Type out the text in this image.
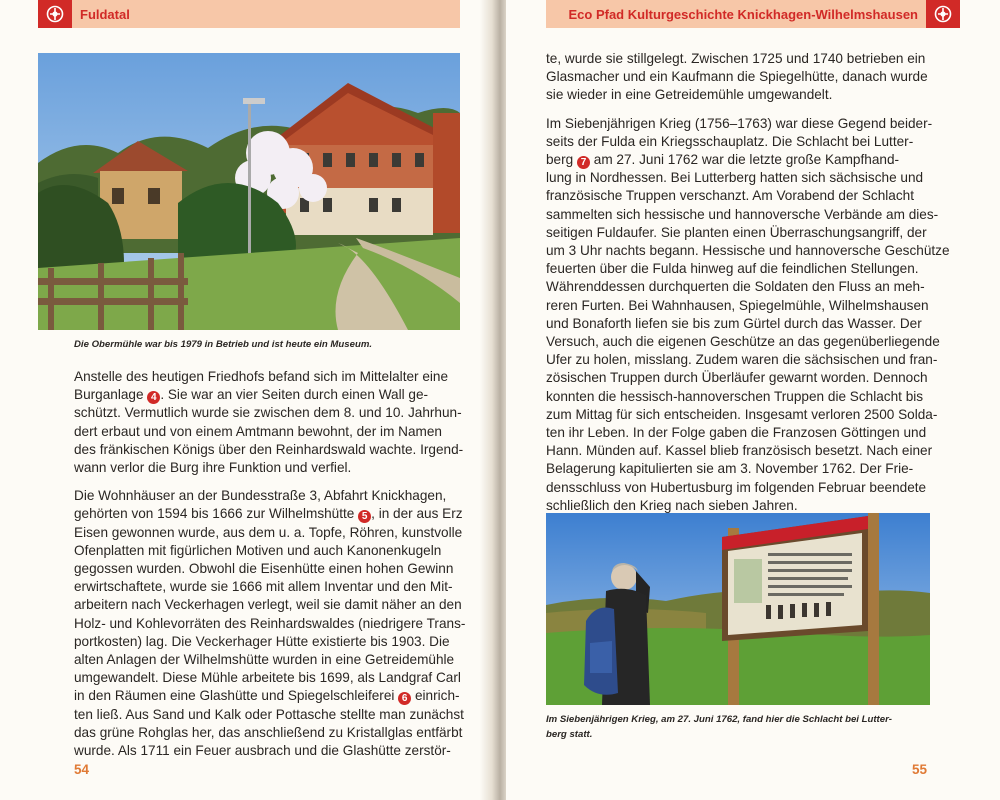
Fuldatal
Die Obermühle war bis 1979 in Betrieb und ist heute ein Museum.

Anstelle des heutigen Friedhofs befand sich im Mittelalter eine
Burganlage 4 . Sie war an vier Seiten durch einen Wall ge-
schützt. Vermutlich wurde sie zwischen dem 8. und 10. Jahrhun-
dert erbaut und von einem Amtmann bewohnt, der im Namen
des fränkischen Königs über den Reinhardswald wachte. Irgend-
wann verlor die Burg ihre Funktion und verfiel.

Die Wohnhäuser an der Bundesstraße 3, Abfahrt Knickhagen,
gehörten von 1594 bis 1666 zur Wilhelmshütte 5 , in der aus Erz
Eisen gewonnen wurde, aus dem u. a. Topfe, Röhren, kunstvolle
Ofenplatten mit figürlichen Motiven und auch Kanonenkugeln
gegossen wurden. Obwohl die Eisenhütte einen hohen Gewinn
erwirtschaftete, wurde sie 1666 mit allem Inventar und den Mit-
arbeitern nach Veckerhagen verlegt, weil sie damit näher an den
Holz- und Kohlevorräten des Reinhardswaldes (niedrigere Trans-
portkosten) lag. Die Veckerhager Hütte existierte bis 1903. Die
alten Anlagen der Wilhelmshütte wurden in eine Getreidemühle
umgewandelt. Diese Mühle arbeitete bis 1699, als Landgraf Carl
in den Räumen eine Glashütte und Spiegelschleiferei 6 einrich-
ten ließ. Aus Sand und Kalk oder Pottasche stellte man zunächst
das grüne Rohglas her, das anschließend zu Kristallglas entfärbt
wurde. Als 1711 ein Feuer ausbrach und die Glashütte zerstör-

54
Eco Pfad Kulturgeschichte Knickhagen-Wilhelmshausen

te, wurde sie stillgelegt. Zwischen 1725 und 1740 betrieben ein
Glasmacher und ein Kaufmann die Spiegelhütte, danach wurde
sie wieder in eine Getreidemühle umgewandelt.

Im Siebenjährigen Krieg (1756–1763) war diese Gegend beider-
seits der Fulda ein Kriegsschauplatz. Die Schlacht bei Lutter-
berg 7 am 27. Juni 1762 war die letzte große Kampfhand-
lung in Nordhessen. Bei Lutterberg hatten sich sächsische und
französische Truppen verschanzt. Am Vorabend der Schlacht
sammelten sich hessische und hannoversche Verbände am dies-
seitigen Fuldaufer. Sie planten einen Überraschungsangriff, der
um 3 Uhr nachts begann. Hessische und hannoversche Geschütze
feuerten über die Fulda hinweg auf die feindlichen Stellungen.
Währenddessen durchquerten die Soldaten den Fluss an meh-
reren Furten. Bei Wahnhausen, Spiegelmühle, Wilhelmshausen
und Bonaforth liefen sie bis zum Gürtel durch das Wasser. Der
Versuch, auch die eigenen Geschütze an das gegenüberliegende
Ufer zu holen, misslang. Zudem waren die sächsischen und fran-
zösischen Truppen durch Überläufer gewarnt worden. Dennoch
konnten die hessisch-hannoverschen Truppen die Schlacht bis
zum Mittag für sich entscheiden. Insgesamt verloren 2500 Solda-
ten ihr Leben. In der Folge gaben die Franzosen Göttingen und
Hann. Münden auf. Kassel blieb französisch besetzt. Nach einer
Belagerung kapitulierten sie am 3. November 1762. Der Frie-
densschluss von Hubertusburg im folgenden Februar beendete
schließlich den Krieg nach sieben Jahren.

Im Siebenjährigen Krieg, am 27. Juni 1762, fand hier die Schlacht bei Lutter-
berg statt.
55
